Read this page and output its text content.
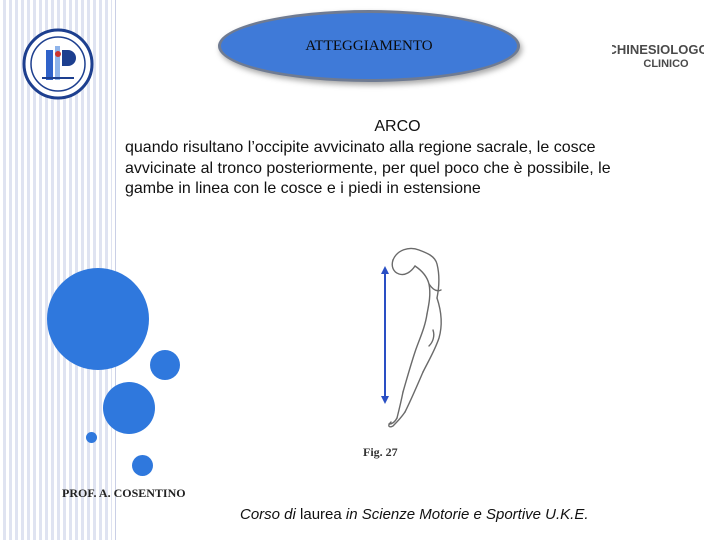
CHINESIOLOGO
CLINICO
ATTEGGIAMENTO
ARCO
quando risultano l’occipite avvicinato alla regione sacrale, le cosce avvicinate al tronco posteriormente, per quel poco che è possibile, le gambe in linea con le cosce e i piedi in estensione
Fig. 27
PROF. A. COSENTINO
Corso di laurea in Scienze Motorie e Sportive U.K.E.
